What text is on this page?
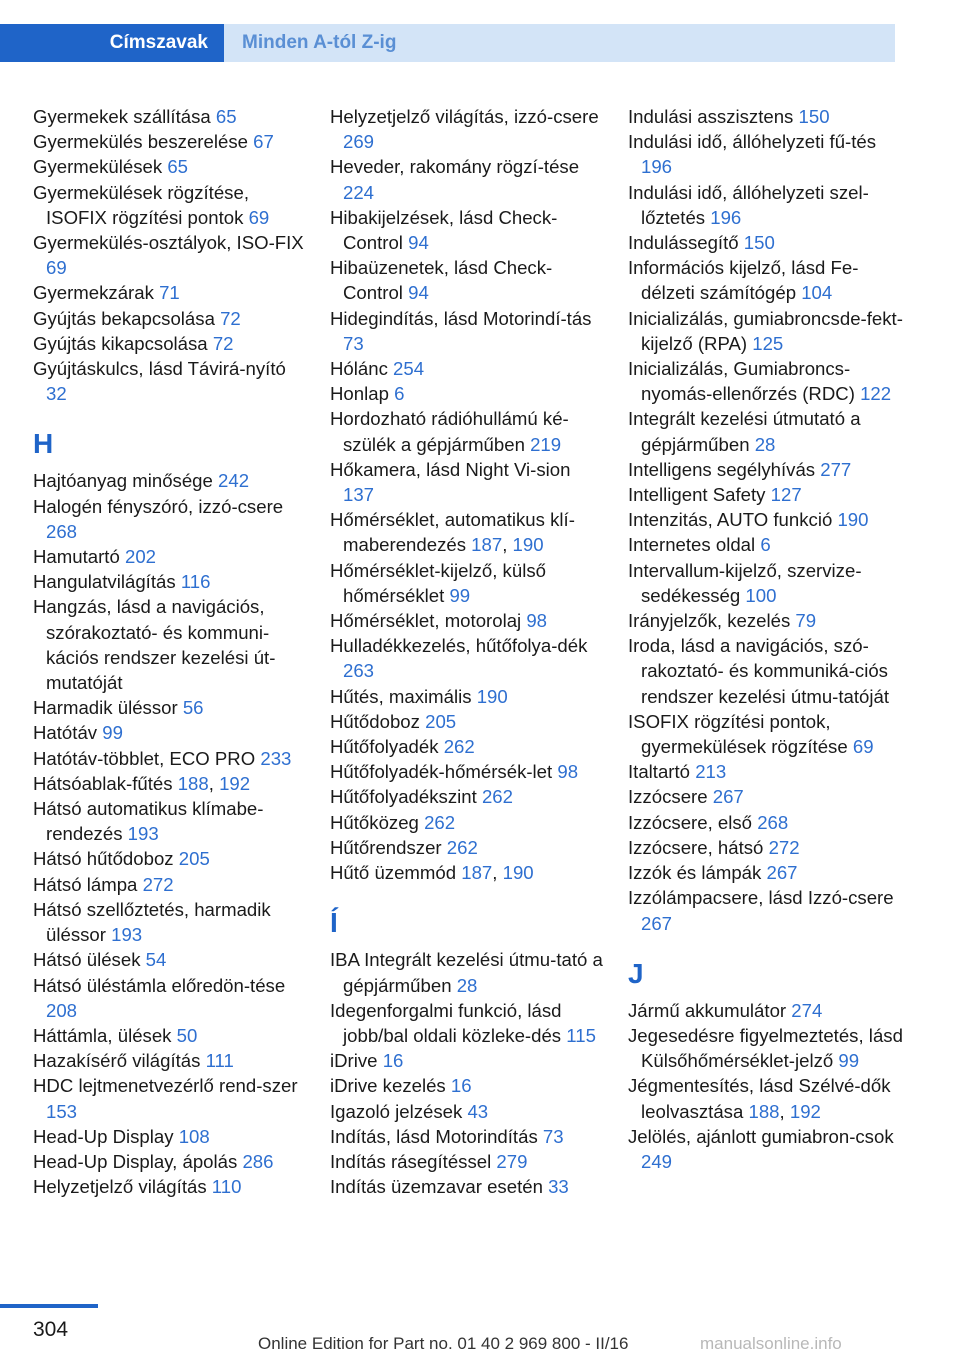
Címszavak	Minden A-tól Z-ig

Gyermekek szállítása 65

Gyermekülés beszerelése 67

Gyermekülések 65

Gyermekülések rögzítése, ISOFIX rögzítési pontok 69

Gyermekülés-osztályok, ISO-FIX 69

Gyermekzárak 71

Gyújtás bekapcsolása 72

Gyújtás kikapcsolása 72

Gyújtáskulcs, lásd Távirá-nyító 32

H

Hajtóanyag minősége 242

Halogén fényszóró, izzó-csere 268

Hamutartó 202

Hangulatvilágítás 116

Hangzás, lásd a navigációs, szórakoztató- és kommuni-kációs rendszer kezelési út-mutatóját

Harmadik üléssor 56

Hatótáv 99

Hatótáv-többlet, ECO PRO 233

Hátsóablak-fűtés 188, 192

Hátsó automatikus klímabe-rendezés 193

Hátsó hűtődoboz 205

Hátsó lámpa 272

Hátsó szellőztetés, harmadik üléssor 193

Hátsó ülések 54

Hátsó üléstámla előredön-tése 208

Háttámla, ülések 50

Hazakísérő világítás 111

HDC lejtmenetvezérlő rend-szer 153

Head-Up Display 108

Head-Up Display, ápolás 286

Helyzetjelző világítás 110

Helyzetjelző világítás, izzó-csere 269

Heveder, rakomány rögzí-tése 224

Hibakijelzések, lásd Check-Control 94

Hibaüzenetek, lásd Check-Control 94

Hidegindítás, lásd Motorindí-tás 73

Hólánc 254

Honlap 6

Hordozható rádióhullámú ké-szülék a gépjárműben 219

Hőkamera, lásd Night Vi-sion 137

Hőmérséklet, automatikus klí-maberendezés 187, 190

Hőmérséklet-kijelző, külső hőmérséklet 99

Hőmérséklet, motorolaj 98

Hulladékkezelés, hűtőfolya-dék 263

Hűtés, maximális 190

Hűtődoboz 205

Hűtőfolyadék 262

Hűtőfolyadék-hőmérsék-let 98

Hűtőfolyadékszint 262

Hűtőközeg 262

Hűtőrendszer 262

Hűtő üzemmód 187, 190

Í

IBA Integrált kezelési útmu-tató a gépjárműben 28

Idegenforgalmi funkció, lásd jobb/bal oldali közleke-dés 115

iDrive 16

iDrive kezelés 16

Igazoló jelzések 43

Indítás, lásd Motorindítás 73

Indítás rásegítéssel 279

Indítás üzemzavar esetén 33

Indulási asszisztens 150

Indulási idő, állóhelyzeti fű-tés 196

Indulási idő, állóhelyzeti szel-lőztetés 196

Indulássegítő 150

Információs kijelző, lásd Fe-délzeti számítógép 104

Inicializálás, gumiabroncsde-fekt-kijelző (RPA) 125

Inicializálás, Gumiabroncs-nyomás-ellenőrzés (RDC) 122

Integrált kezelési útmutató a gépjárműben 28

Intelligens segélyhívás 277

Intelligent Safety 127

Intenzitás, AUTO funkció 190

Internetes oldal 6

Intervallum-kijelző, szervize-sedékesség 100

Irányjelzők, kezelés 79

Iroda, lásd a navigációs, szó-rakoztató- és kommuniká-ciós rendszer kezelési útmu-tatóját

ISOFIX rögzítési pontok, gyermekülések rögzítése 69

Italtartó 213

Izzócsere 267

Izzócsere, első 268

Izzócsere, hátsó 272

Izzók és lámpák 267

Izzólámpacsere, lásd Izzó-csere 267

J

Jármű akkumulátor 274

Jegesedésre figyelmeztetés, lásd Külsőhőmérséklet-jelző 99

Jégmentesítés, lásd Szélvé-dők leolvasztása 188, 192

Jelölés, ajánlott gumiabron-csok 249

304
Online Edition for Part no. 01 40 2 969 800 - II/16	manualsonline.info
